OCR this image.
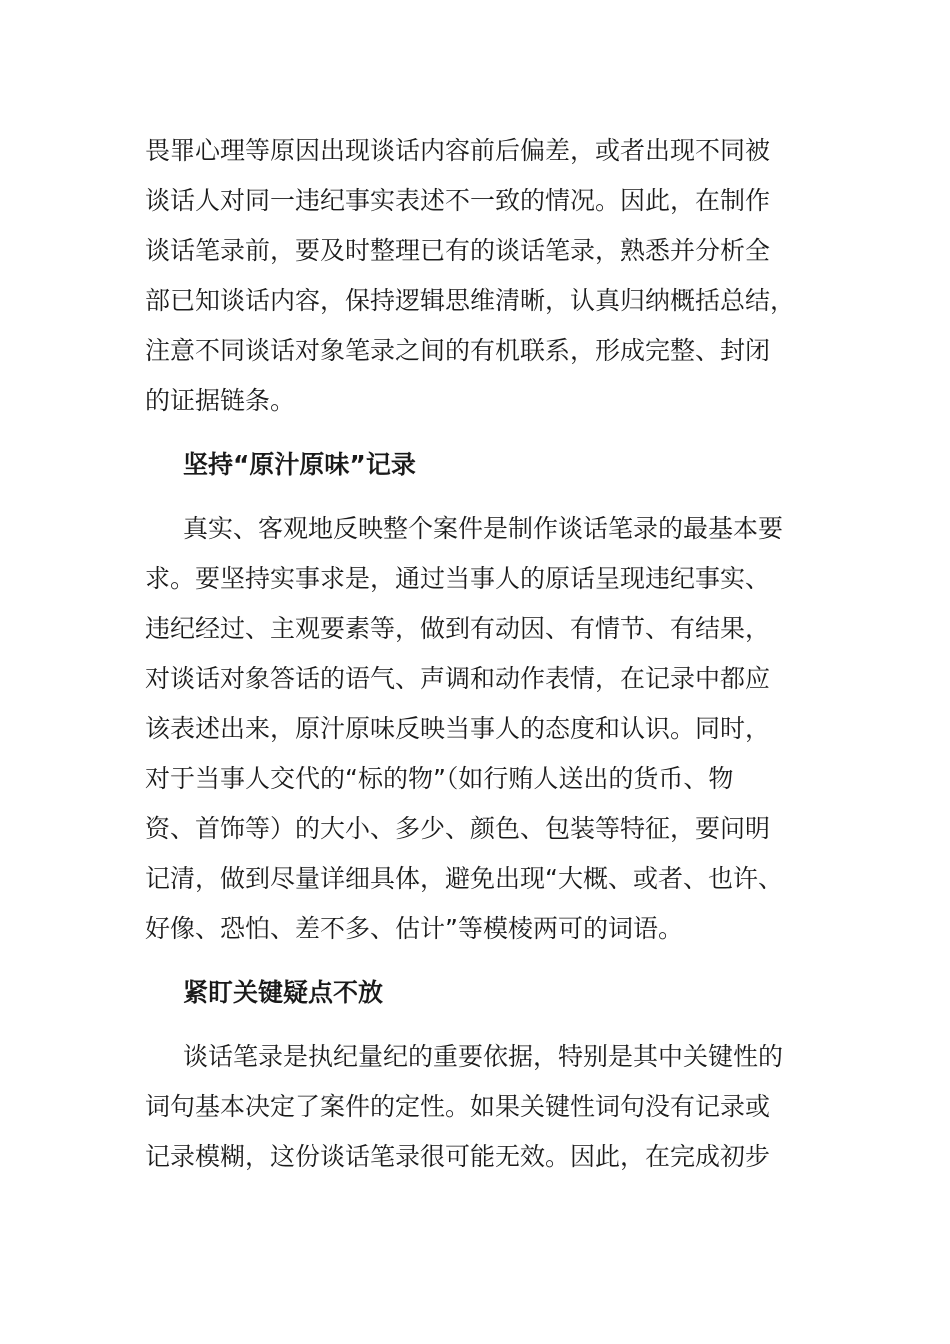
畏罪心理等原因出现谈话内容前后偏差，或者出现不同被
谈话人对同一违纪事实表述不一致的情况。因此，在制作
谈话笔录前，要及时整理已有的谈话笔录，熟悉并分析全
部已知谈话内容，保持逻辑思维清晰，认真归纳概括总结，
注意不同谈话对象笔录之间的有机联系，形成完整、封闭
的证据链条。
坚持“原汁原味”记录
真实、客观地反映整个案件是制作谈话笔录的最基本要
求。要坚持实事求是，通过当事人的原话呈现违纪事实、
违纪经过、主观要素等，做到有动因、有情节、有结果，
对谈话对象答话的语气、声调和动作表情，在记录中都应
该表述出来，原汁原味反映当事人的态度和认识。同时，
对于当事人交代的“标的物”（如行贿人送出的货币、物
资、首饰等）的大小、多少、颜色、包装等特征，要问明
记清，做到尽量详细具体，避免出现“大概、或者、也许、
好像、恐怕、差不多、估计”等模棱两可的词语。
紧盯关键疑点不放
谈话笔录是执纪量纪的重要依据，特别是其中关键性的
词句基本决定了案件的定性。如果关键性词句没有记录或
记录模糊，这份谈话笔录很可能无效。因此，在完成初步
